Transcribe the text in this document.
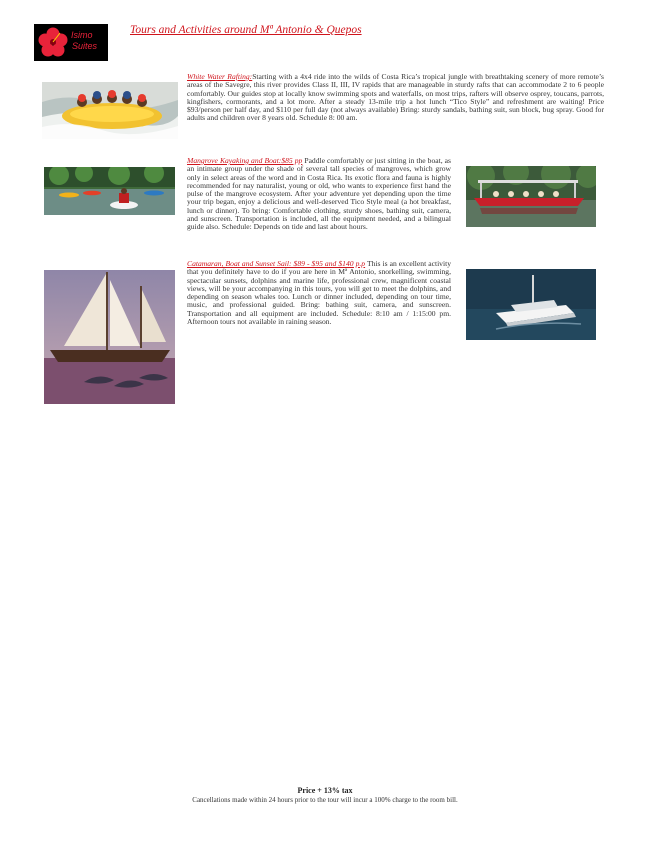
Isimo
Suites
Tours and Activities around Mª Antonio & Quepos

White Water Rafting:Starting with a 4x4 ride into the wilds of Costa Rica’s tropical jungle with breathtaking scenery of more remote’s areas of the Savegre, this river provides Class II, III, IV rapids that are manageable in sturdy rafts that can accommodate 2 to 6 people comfortably. Our guides stop at locally know swimming spots and waterfalls, on most trips, rafters will observe osprey, toucans, parrots, kingfishers, cormorants, and a lot more. After a steady 13-mile trip a hot lunch “Tico Style” and refreshment are waiting! Price $93/person per half day, and $110 per full day (not always available) Bring: sturdy sandals, bathing suit, sun block, bug spray. Good for adults and children over 8 years old. Schedule 8: 00 am.

Mangrove Kayaking and Boat:$85 pp Paddle comfortably or just sitting in the boat, as an intimate group under the shade of several tall species of mangroves, which grow only in select areas of the word and in Costa Rica. Its exotic flora and fauna is highly recommended for nay naturalist, young or old, who wants to experience first hand the pulse of the mangrove ecosystem. After your adventure yet depending upon the time your trip began, enjoy a delicious and well-deserved Tico Style meal (a hot breakfast, lunch or dinner). To bring: Comfortable clothing, sturdy shoes, bathing suit, camera, and sunscreen. Transportation is included, all the equipment needed, and a bilingual guide also. Schedule: Depends on tide and last about hours.

Catamaran, Boat and Sunset Sail: $89 - $95 and $140 p.p This is an excellent activity that you definitely have to do if you are here in Mª Antonio, snorkelling, swimming, spectacular sunsets, dolphins and marine life, professional crew, magnificent coastal views, will be your accompanying in this tours, you will get to meet the dolphins, and depending on season whales too. Lunch or dinner included, depending on tour time, music, and professional guided. Bring: bathing suit, camera, and sunscreen. Transportation and all equipment are included. Schedule: 8:10 am / 1:15:00 pm. Afternoon tours not available in raining season.

Price + 13% tax
Cancellations made within 24 hours prior to the tour will incur a 100% charge to the room bill.
